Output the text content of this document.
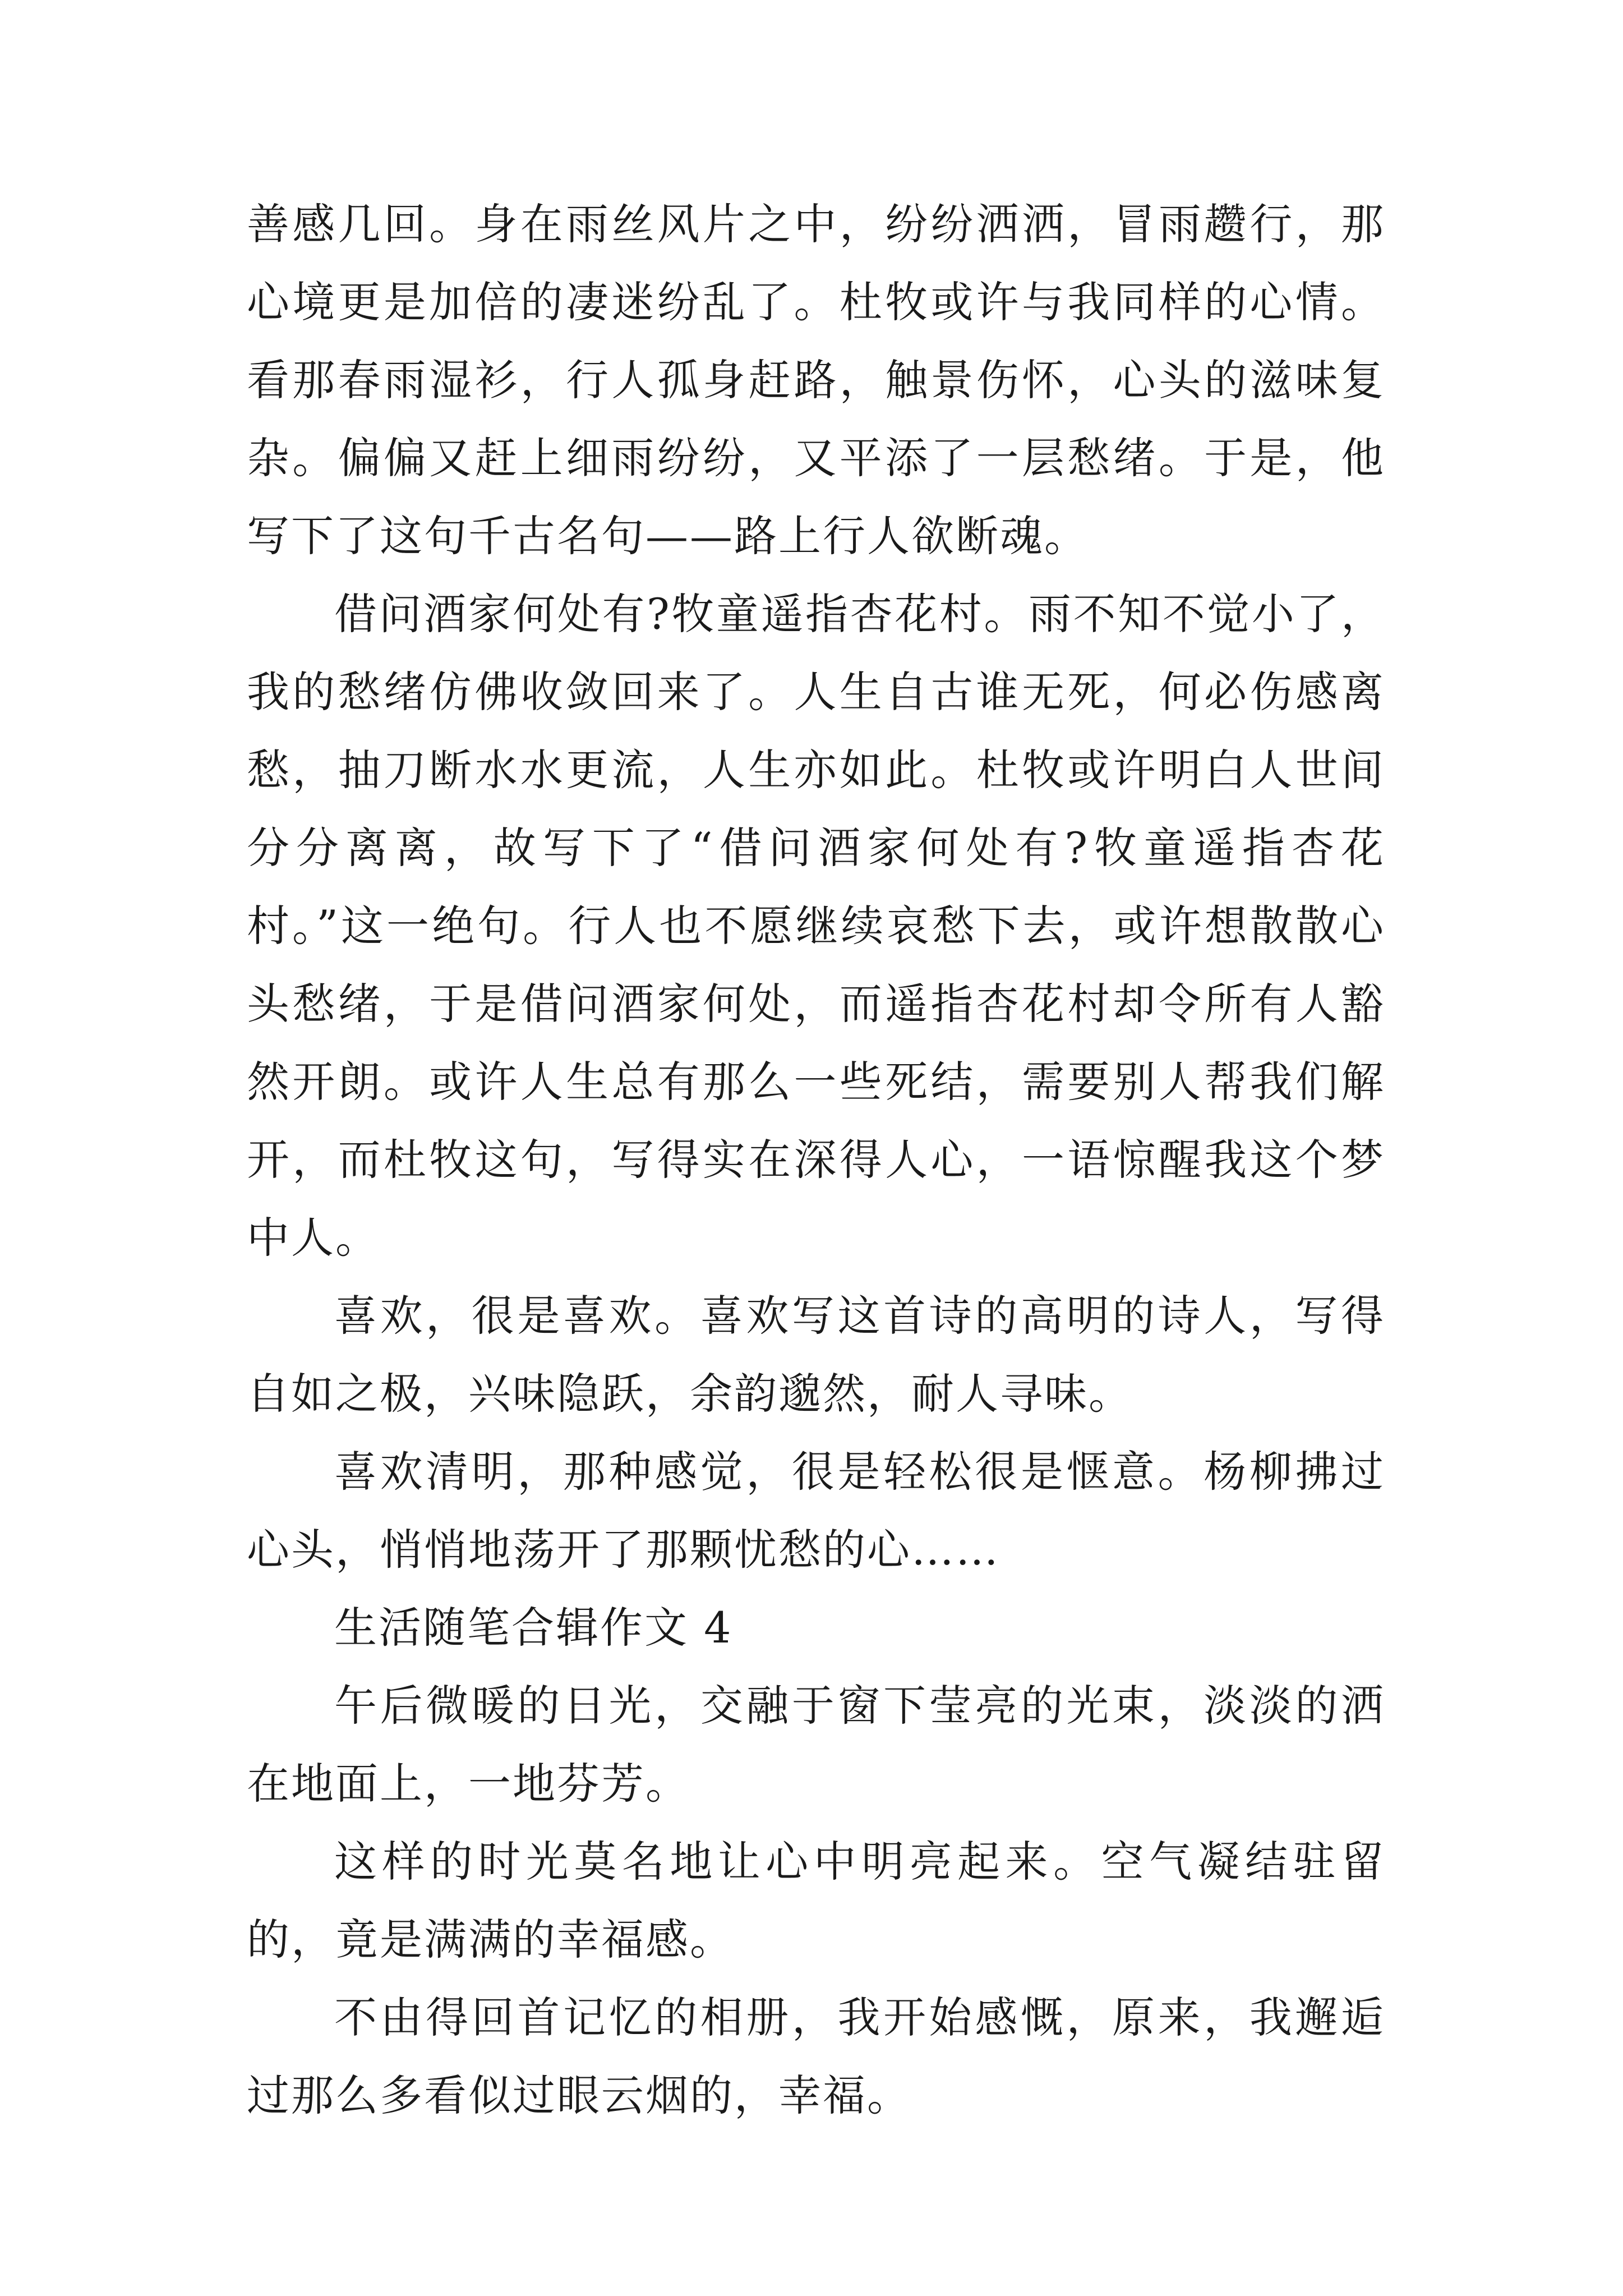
善感几回。身在雨丝风片之中，纷纷洒洒，冒雨趱行，那心境更是加倍的凄迷纷乱了。杜牧或许与我同样的心情。看那春雨湿衫，行人孤身赶路，触景伤怀，心头的滋味复杂。偏偏又赶上细雨纷纷，又平添了一层愁绪。于是，他写下了这句千古名句——路上行人欲断魂。

借问酒家何处有?牧童遥指杏花村。雨不知不觉小了，我的愁绪仿佛收敛回来了。人生自古谁无死，何必伤感离愁，抽刀断水水更流，人生亦如此。杜牧或许明白人世间分分离离，故写下了“借问酒家何处有?牧童遥指杏花村。”这一绝句。行人也不愿继续哀愁下去，或许想散散心头愁绪，于是借问酒家何处，而遥指杏花村却令所有人豁然开朗。或许人生总有那么一些死结，需要别人帮我们解开，而杜牧这句，写得实在深得人心，一语惊醒我这个梦中人。

喜欢，很是喜欢。喜欢写这首诗的高明的诗人，写得自如之极，兴味隐跃，余韵邈然，耐人寻味。

喜欢清明，那种感觉，很是轻松很是惬意。杨柳拂过心头，悄悄地荡开了那颗忧愁的心……

生活随笔合辑作文 4

午后微暖的日光，交融于窗下莹亮的光束，淡淡的洒在地面上，一地芬芳。

这样的时光莫名地让心中明亮起来。空气凝结驻留的，竟是满满的幸福感。

不由得回首记忆的相册，我开始感慨，原来，我邂逅过那么多看似过眼云烟的，幸福。
